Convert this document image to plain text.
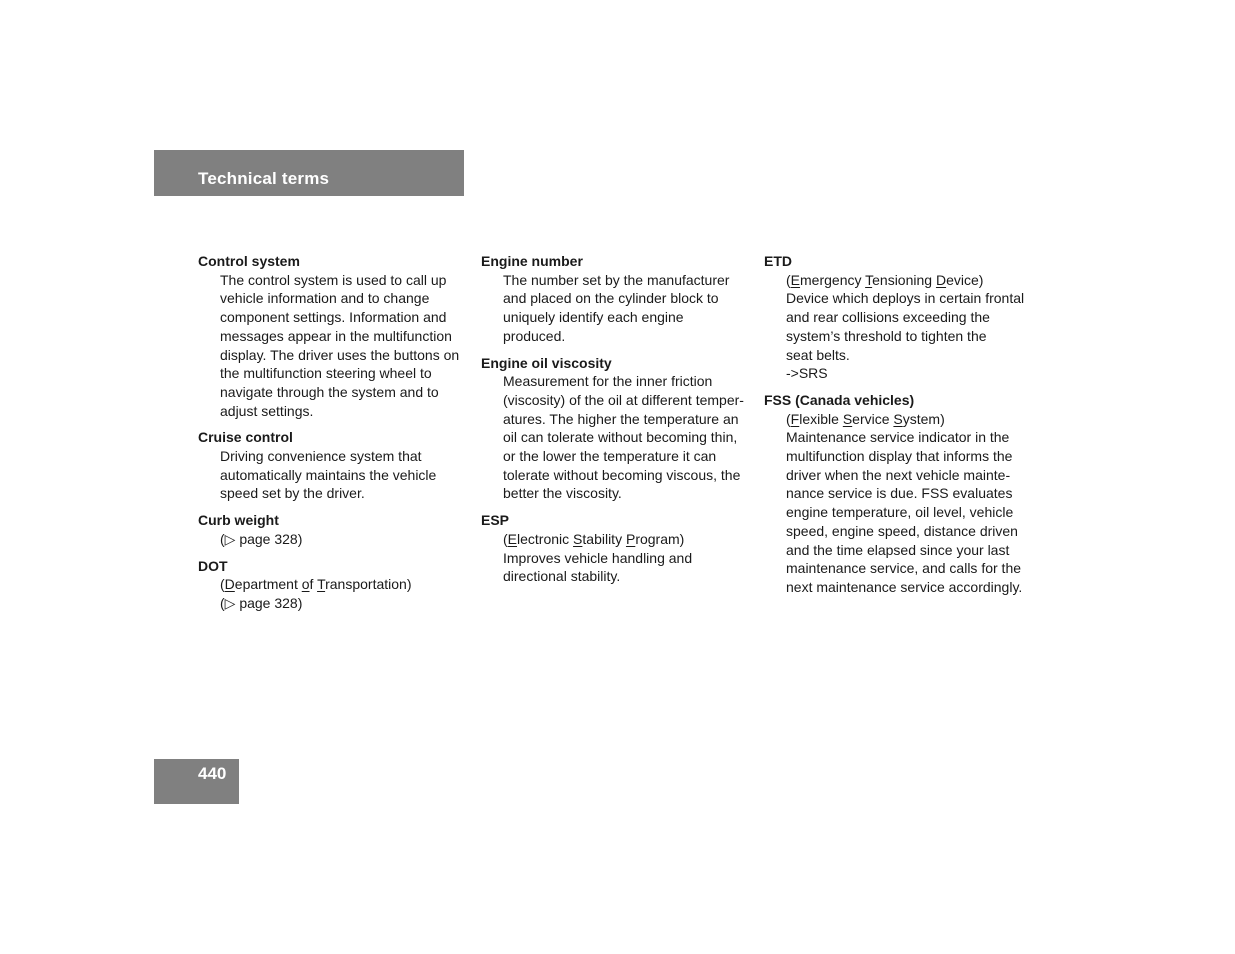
Technical terms
Control system
The control system is used to call up
vehicle information and to change
component settings. Information and
messages appear in the multifunction
display. The driver uses the buttons on
the multifunction steering wheel to
navigate through the system and to
adjust settings.
Cruise control
Driving convenience system that
automatically maintains the vehicle
speed set by the driver.
Curb weight
(▷ page 328)
DOT
(Department of Transportation)
(▷ page 328)
Engine number
The number set by the manufacturer
and placed on the cylinder block to
uniquely identify each engine
produced.
Engine oil viscosity
Measurement for the inner friction
(viscosity) of the oil at different temper-
atures. The higher the temperature an
oil can tolerate without becoming thin,
or the lower the temperature it can
tolerate without becoming viscous, the
better the viscosity.
ESP
(Electronic Stability Program)
Improves vehicle handling and
directional stability.
ETD
(Emergency Tensioning Device)
Device which deploys in certain frontal
and rear collisions exceeding the
system’s threshold to tighten the
seat belts.
->SRS
FSS (Canada vehicles)
(Flexible Service System)
Maintenance service indicator in the
multifunction display that informs the
driver when the next vehicle mainte-
nance service is due. FSS evaluates
engine temperature, oil level, vehicle
speed, engine speed, distance driven
and the time elapsed since your last
maintenance service, and calls for the
next maintenance service accordingly.
440
